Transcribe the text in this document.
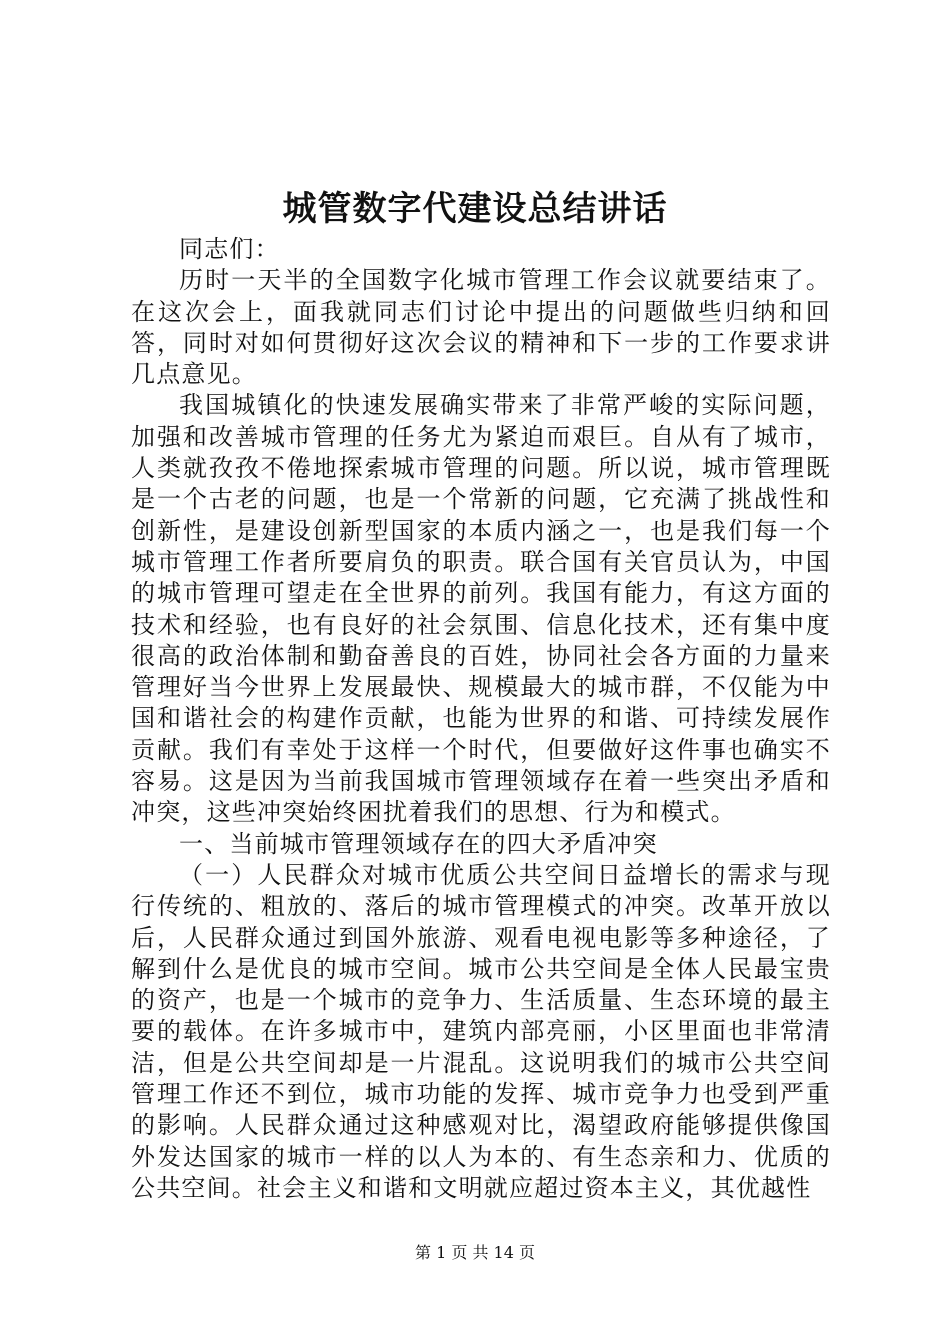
城管数字代建设总结讲话

同志们：

历时一天半的全国数字化城市管理工作会议就要结束了。在这次会上，面我就同志们讨论中提出的问题做些归纳和回答，同时对如何贯彻好这次会议的精神和下一步的工作要求讲几点意见。

我国城镇化的快速发展确实带来了非常严峻的实际问题，加强和改善城市管理的任务尤为紧迫而艰巨。自从有了城市，人类就孜孜不倦地探索城市管理的问题。所以说，城市管理既是一个古老的问题，也是一个常新的问题，它充满了挑战性和创新性，是建设创新型国家的本质内涵之一，也是我们每一个城市管理工作者所要肩负的职责。联合国有关官员认为，中国的城市管理可望走在全世界的前列。我国有能力，有这方面的技术和经验，也有良好的社会氛围、信息化技术，还有集中度很高的政治体制和勤奋善良的百姓，协同社会各方面的力量来管理好当今世界上发展最快、规模最大的城市群，不仅能为中国和谐社会的构建作贡献，也能为世界的和谐、可持续发展作贡献。我们有幸处于这样一个时代，但要做好这件事也确实不容易。这是因为当前我国城市管理领域存在着一些突出矛盾和冲突，这些冲突始终困扰着我们的思想、行为和模式。

一、当前城市管理领域存在的四大矛盾冲突

（一）人民群众对城市优质公共空间日益增长的需求与现行传统的、粗放的、落后的城市管理模式的冲突。改革开放以后，人民群众通过到国外旅游、观看电视电影等多种途径，了解到什么是优良的城市空间。城市公共空间是全体人民最宝贵的资产，也是一个城市的竞争力、生活质量、生态环境的最主要的载体。在许多城市中，建筑内部亮丽，小区里面也非常清洁，但是公共空间却是一片混乱。这说明我们的城市公共空间管理工作还不到位，城市功能的发挥、城市竞争力也受到严重的影响。人民群众通过这种感观对比，渴望政府能够提供像国外发达国家的城市一样的以人为本的、有生态亲和力、优质的公共空间。社会主义和谐和文明就应超过资本主义，其优越性

第 1 页 共 14 页
